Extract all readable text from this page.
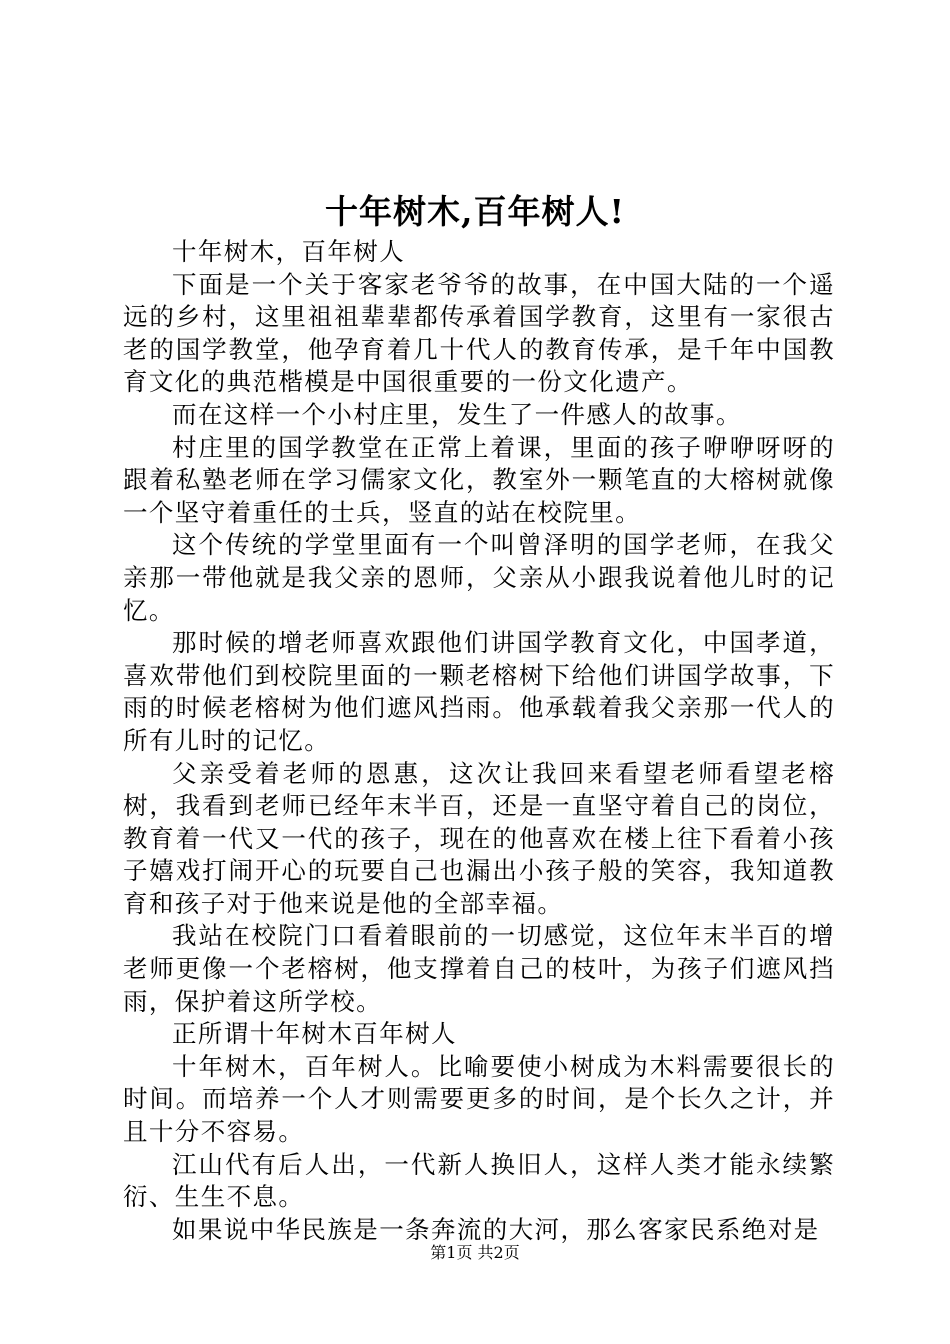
十年树木,百年树人!

十年树木，百年树人

下面是一个关于客家老爷爷的故事，在中国大陆的一个遥远的乡村，这里祖祖辈辈都传承着国学教育，这里有一家很古老的国学教堂，他孕育着几十代人的教育传承，是千年中国教育文化的典范楷模是中国很重要的一份文化遗产。

而在这样一个小村庄里，发生了一件感人的故事。

村庄里的国学教堂在正常上着课，里面的孩子咿咿呀呀的跟着私塾老师在学习儒家文化，教室外一颗笔直的大榕树就像一个坚守着重任的士兵，竖直的站在校院里。

这个传统的学堂里面有一个叫曾泽明的国学老师，在我父亲那一带他就是我父亲的恩师，父亲从小跟我说着他儿时的记忆。

那时候的增老师喜欢跟他们讲国学教育文化，中国孝道，喜欢带他们到校院里面的一颗老榕树下给他们讲国学故事，下雨的时候老榕树为他们遮风挡雨。他承载着我父亲那一代人的所有儿时的记忆。

父亲受着老师的恩惠，这次让我回来看望老师看望老榕树，我看到老师已经年末半百，还是一直坚守着自己的岗位，教育着一代又一代的孩子，现在的他喜欢在楼上往下看着小孩子嬉戏打闹开心的玩要自己也漏出小孩子般的笑容，我知道教育和孩子对于他来说是他的全部幸福。

我站在校院门口看着眼前的一切感觉，这位年末半百的增老师更像一个老榕树，他支撑着自己的枝叶，为孩子们遮风挡雨，保护着这所学校。

正所谓十年树木百年树人

十年树木，百年树人。比喻要使小树成为木料需要很长的时间。而培养一个人才则需要更多的时间，是个长久之计，并且十分不容易。

江山代有后人出，一代新人换旧人，这样人类才能永续繁衍、生生不息。

如果说中华民族是一条奔流的大河，那么客家民系绝对是

第1页 共2页
